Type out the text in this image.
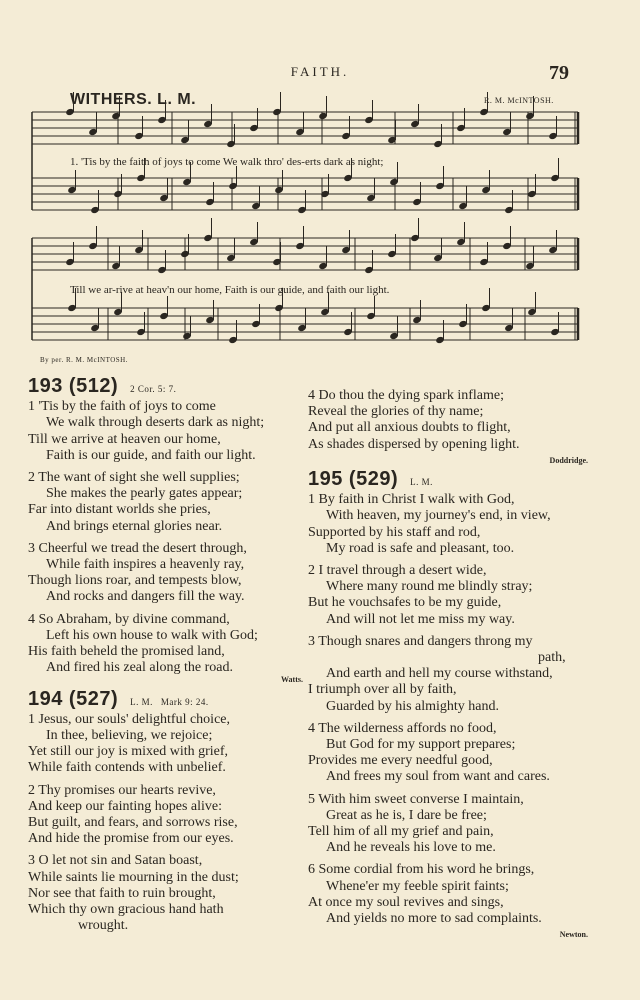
FAITH.	79
WITHERS. L. M.	R. M. McINTOSH.
1. 'Tis by the faith of joys to come We walk thro' des-erts dark as night;
Till we ar-rive at heav'n our home, Faith is our guide, and faith our light.
By per. R. M. McINTOSH.
193 (512) 2 Cor. 5: 7.
1 'Tis by the faith of joys to come
We walk through deserts dark as night;
Till we arrive at heaven our home,
Faith is our guide, and faith our light.
2 The want of sight she well supplies;
She makes the pearly gates appear;
Far into distant worlds she pries,
And brings eternal glories near.
3 Cheerful we tread the desert through,
While faith inspires a heavenly ray,
Though lions roar, and tempests blow,
And rocks and dangers fill the way.
4 So Abraham, by divine command,
Left his own house to walk with God;
His faith beheld the promised land,
And fired his zeal along the road.
Watts.
194 (527) L. M. Mark 9: 24.
1 Jesus, our souls' delightful choice,
In thee, believing, we rejoice;
Yet still our joy is mixed with grief,
While faith contends with unbelief.
2 Thy promises our hearts revive,
And keep our fainting hopes alive:
But guilt, and fears, and sorrows rise,
And hide the promise from our eyes.
3 O let not sin and Satan boast,
While saints lie mourning in the dust;
Nor see that faith to ruin brought,
Which thy own gracious hand hath
wrought.
4 Do thou the dying spark inflame;
Reveal the glories of thy name;
And put all anxious doubts to flight,
As shades dispersed by opening light.
Doddridge.
195 (529) L. M.
1 By faith in Christ I walk with God,
With heaven, my journey's end, in view,
Supported by his staff and rod,
My road is safe and pleasant, too.
2 I travel through a desert wide,
Where many round me blindly stray;
But he vouchsafes to be my guide,
And will not let me miss my way.
3 Though snares and dangers throng my
path,
And earth and hell my course withstand,
I triumph over all by faith,
Guarded by his almighty hand.
4 The wilderness affords no food,
But God for my support prepares;
Provides me every needful good,
And frees my soul from want and cares.
5 With him sweet converse I maintain,
Great as he is, I dare be free;
Tell him of all my grief and pain,
And he reveals his love to me.
6 Some cordial from his word he brings,
Whene'er my feeble spirit faints;
At once my soul revives and sings,
And yields no more to sad complaints.
Newton.
